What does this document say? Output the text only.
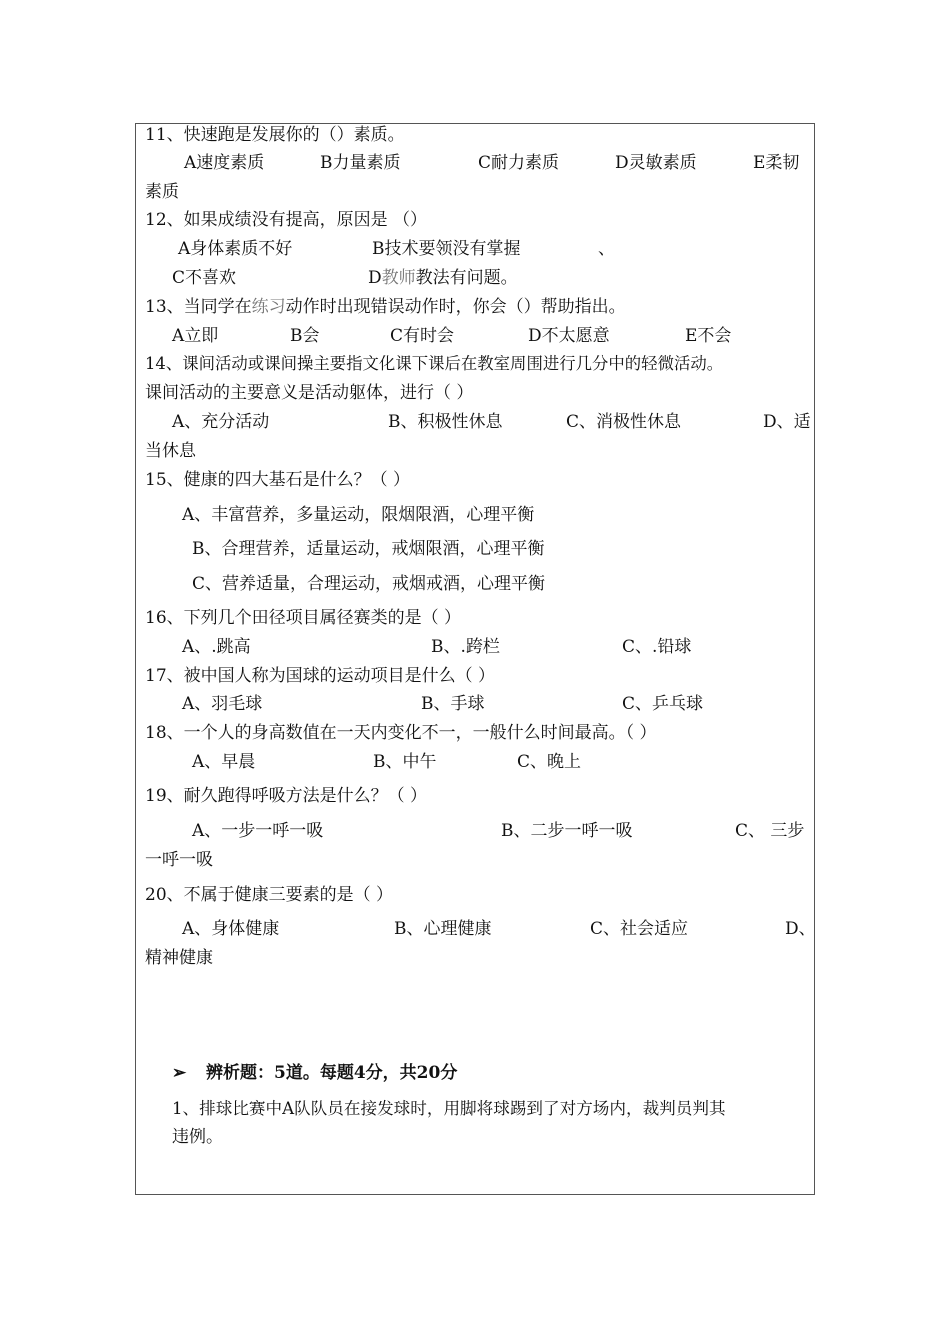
11、快速跑是发展你的（）素质。
A速度素质	B力量素质	C耐力素质	D灵敏素质	E柔韧
素质
12、如果成绩没有提高，原因是 （）
A身体素质不好	B技术要领没有掌握	、
C不喜欢	D教师教法有问题。
13、当同学在练习动作时出现错误动作时，你会（）帮助指出。
A立即	B会	C有时会	D不太愿意	E不会
14、课间活动或课间操主要指文化课下课后在教室周围进行几分中的轻微活动。
课间活动的主要意义是活动躯体，进行（ ）
A、充分活动	B、积极性休息	C、消极性休息	D、适
当休息
15、健康的四大基石是什么？（ ）
A、丰富营养，多量运动，限烟限酒，心理平衡
B、合理营养，适量运动，戒烟限酒，心理平衡
C、营养适量，合理运动，戒烟戒酒，心理平衡
16、下列几个田径项目属径赛类的是（ ）
A、.跳高	B、.跨栏	C、.铅球
17、被中国人称为国球的运动项目是什么（ ）
A、羽毛球	B、手球	C、乒乓球
18、一个人的身高数值在一天内变化不一，一般什么时间最高。（ ）
A、早晨	B、中午	C、晚上
19、耐久跑得呼吸方法是什么？（ ）
A、一步一呼一吸	B、二步一呼一吸	C、 三步
一呼一吸
20、不属于健康三要素的是（ ）
A、身体健康	B、心理健康	C、社会适应	D、
精神健康
➢ 辨析题：5道。每题4分，共20分
1、排球比赛中A队队员在接发球时，用脚将球踢到了对方场内，裁判员判其
违例。
